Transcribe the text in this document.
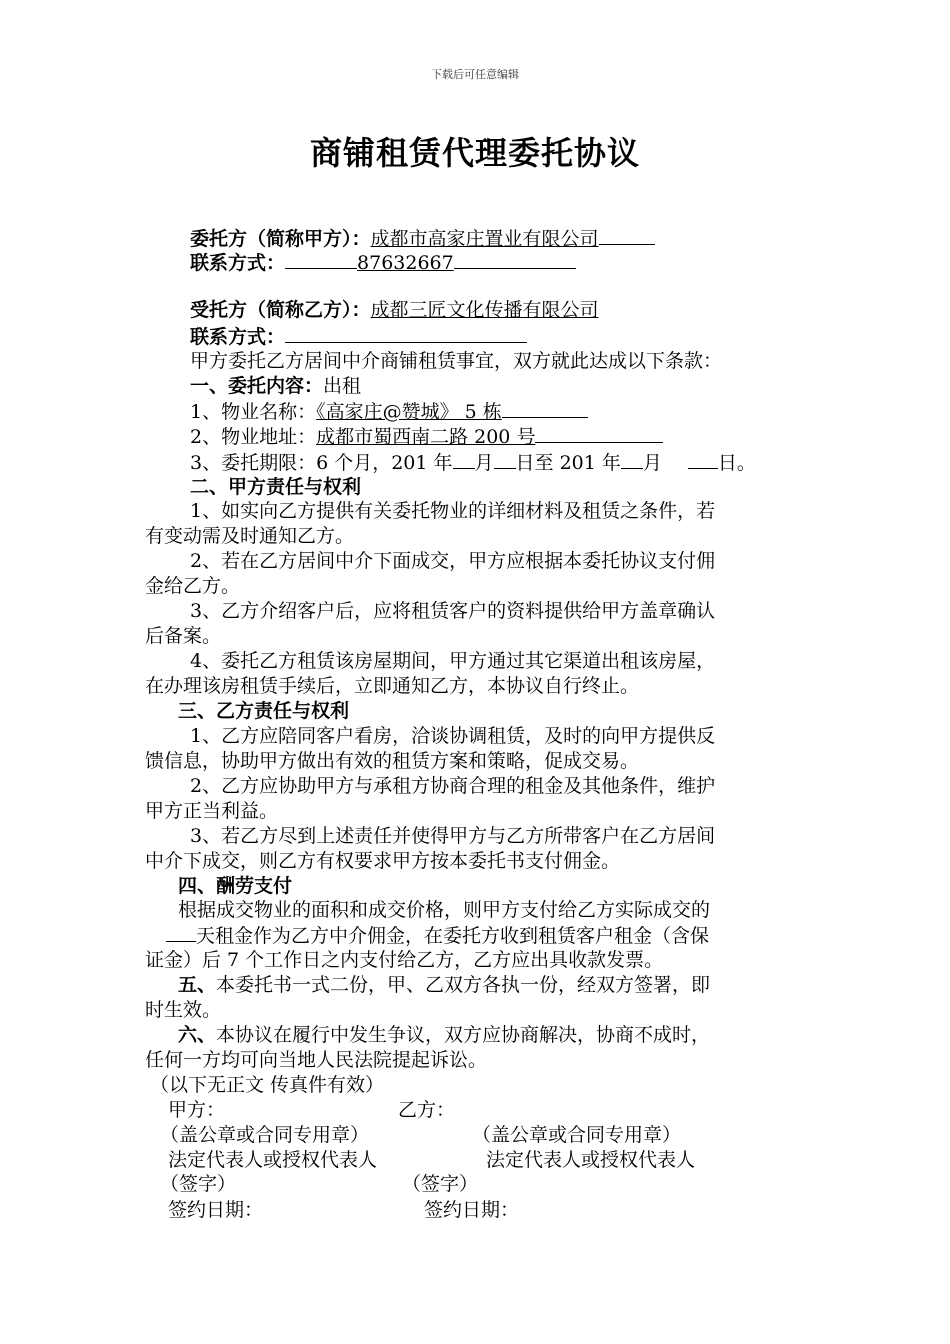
下载后可任意编辑
商铺租赁代理委托协议
委托方（简称甲方）：成都市高家庄置业有限公司
联系方式：	87632667
受托方（简称乙方）：成都三匠文化传播有限公司
联系方式：
甲方委托乙方居间中介商铺租赁事宜，双方就此达成以下条款：
一、委托内容：出租
1、物业名称：《高家庄@赞城》 5 栋
2、物业地址：成都市蜀西南二路 200 号
3、委托期限：6 个月，201 年 月 日至 201 年 月	日。
二、甲方责任与权利
1、如实向乙方提供有关委托物业的详细材料及租赁之条件，若
有变动需及时通知乙方。
2、若在乙方居间中介下面成交，甲方应根据本委托协议支付佣
金给乙方。
3、乙方介绍客户后，应将租赁客户的资料提供给甲方盖章确认
后备案。
4、委托乙方租赁该房屋期间，甲方通过其它渠道出租该房屋，
在办理该房租赁手续后，立即通知乙方，本协议自行终止。
三、乙方责任与权利
1、乙方应陪同客户看房，洽谈协调租赁，及时的向甲方提供反
馈信息，协助甲方做出有效的租赁方案和策略，促成交易。
2、乙方应协助甲方与承租方协商合理的租金及其他条件，维护
甲方正当利益。
3、若乙方尽到上述责任并使得甲方与乙方所带客户在乙方居间
中介下成交，则乙方有权要求甲方按本委托书支付佣金。
四、酬劳支付
根据成交物业的面积和成交价格，则甲方支付给乙方实际成交的
天租金作为乙方中介佣金，在委托方收到租赁客户租金（含保
证金）后 7 个工作日之内支付给乙方，乙方应出具收款发票。
五、本委托书一式二份，甲、乙双方各执一份，经双方签署，即
时生效。
六、本协议在履行中发生争议，双方应协商解决，协商不成时，
任何一方均可向当地人民法院提起诉讼。
（以下无正文 传真件有效）
甲方：	乙方：
（盖公章或合同专用章）	（盖公章或合同专用章）
法定代表人或授权代表人	法定代表人或授权代表人
（签字）	（签字）
签约日期：	签约日期：
